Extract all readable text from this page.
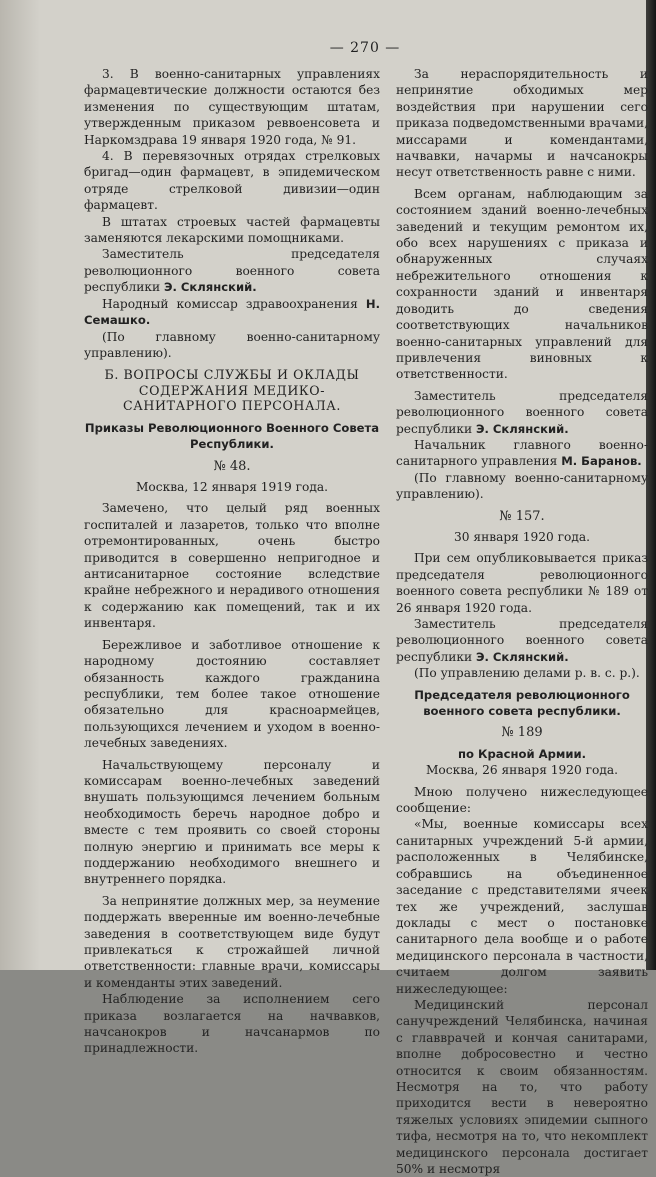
— 270 —

3. В военно-санитарных управлениях фармацевтические должности остаются без изменения по существующим штатам, утвержденным приказом реввоенсовета и Наркомздрава 19 января 1920 года, № 91.

4. В перевязочных отрядах стрелковых бригад—один фармацевт, в эпидемическом отряде стрелковой дивизии—один фармацевт.

В штатах строевых частей фармацевты заменяются лекарскими помощниками.

Заместитель председателя революционного военного совета республики Э. Склянский.

Народный комиссар здравоохранения Н. Семашко.

(По главному военно-санитарному управлению).

Б. ВОПРОСЫ СЛУЖБЫ И ОКЛАДЫ СОДЕРЖАНИЯ МЕДИКО-САНИТАРНОГО ПЕРСОНАЛА.
Приказы Революционного Военного Совета Республики.
№ 48.
Москва, 12 января 1919 года.

Замечено, что целый ряд военных госпиталей и лазаретов, только что вполне отремонтированных, очень быстро приводится в совершенно непригодное и антисанитарное состояние вследствие крайне небрежного и нерадивого отношения к содержанию как помещений, так и их инвентаря.

Бережливое и заботливое отношение к народному достоянию составляет обязанность каждого гражданина республики, тем более такое отношение обязательно для красноармейцев, пользующихся лечением и уходом в военно-лечебных заведениях.

Начальствующему персоналу и комиссарам военно-лечебных заведений внушать пользующимся лечением больным необходимость беречь народное добро и вместе с тем проявить со своей стороны полную энергию и принимать все меры к поддержанию необходимого внешнего и внутреннего порядка.

За непринятие должных мер, за неумение поддержать вверенные им военно-лечебные заведения в соответствующем виде будут привлекаться к строжайшей личной ответственности: главные врачи, комиссары и коменданты этих заведений.

Наблюдение за исполнением сего приказа возлагается на начвавков, начсанокров и начсанармов по принадлежности.

За нераспорядительность и непринятие обходимых мер воздействия при нарушении сего приказа подведомственными врачами, миссарами и комендантами, начвавки, начармы и начсанокры несут ответственность равне с ними.

Всем органам, наблюдающим за состоянием зданий военно-лечебных заведений и текущим ремонтом их, обо всех нарушениях с приказа и обнаруженных случаях небрежительного отношения к сохранности зданий и инвентаря доводить до сведения соответствующих начальников военно-санитарных управлений для привлечения виновных к ответственности.

Заместитель председателя революционного военного совета республики Э. Склянский.

Начальник главного военно-санитарного управления М. Баранов.

(По главному военно-санитарному управлению).

№ 157.
30 января 1920 года.

При сем опубликовывается приказ председателя революционного военного совета республики № 189 от 26 января 1920 года.

Заместитель председателя революционного военного совета республики Э. Склянский.

(По управлению делами р. в. с. р.).

Председателя революционного военного совета республики.
№ 189
по Красной Армии.
Москва, 26 января 1920 года.

Мною получено нижеследующее сообщение:

«Мы, военные комиссары всех санитарных учреждений 5-й армии, расположенных в Челябинске, собравшись на объединенное заседание с представителями ячеек тех же учреждений, заслушав доклады с мест о постановке санитарного дела вообще и о работе медицинского персонала в частности, считаем долгом заявить нижеследующее:

Медицинский персонал санучреждений Челябинска, начиная с главврачей и кончая санитарами, вполне добросовестно и честно относится к своим обязанностям. Несмотря на то, что работу приходится вести в невероятно тяжелых условиях эпидемии сыпного тифа, несмотря на то, что некомплект медицинского персонала достигает 50% и несмотря
